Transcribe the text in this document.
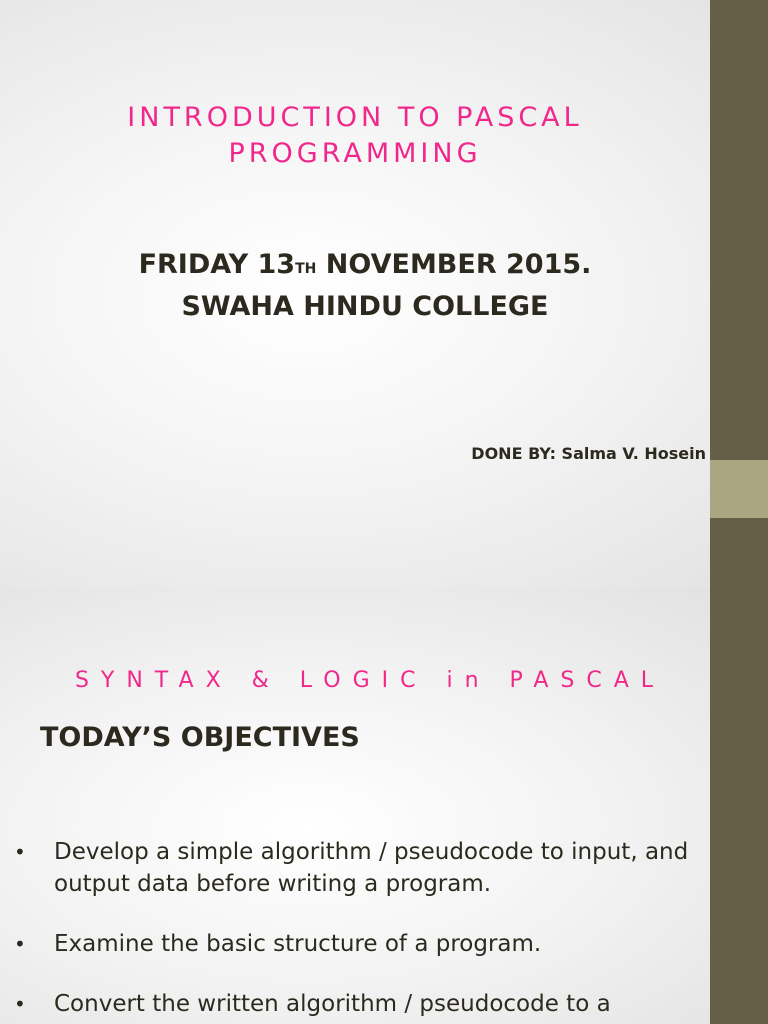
INTRODUCTION TO PASCAL
PROGRAMMING
FRIDAY 13TH NOVEMBER 2015.
SWAHA HINDU COLLEGE
DONE BY: Salma V. Hosein
SYNTAX & LOGIC in PASCAL
TODAY’S OBJECTIVES
• Develop a simple algorithm / pseudocode to input, and output data before writing a program.
• Examine the basic structure of a program.
• Convert the written algorithm / pseudocode to a
